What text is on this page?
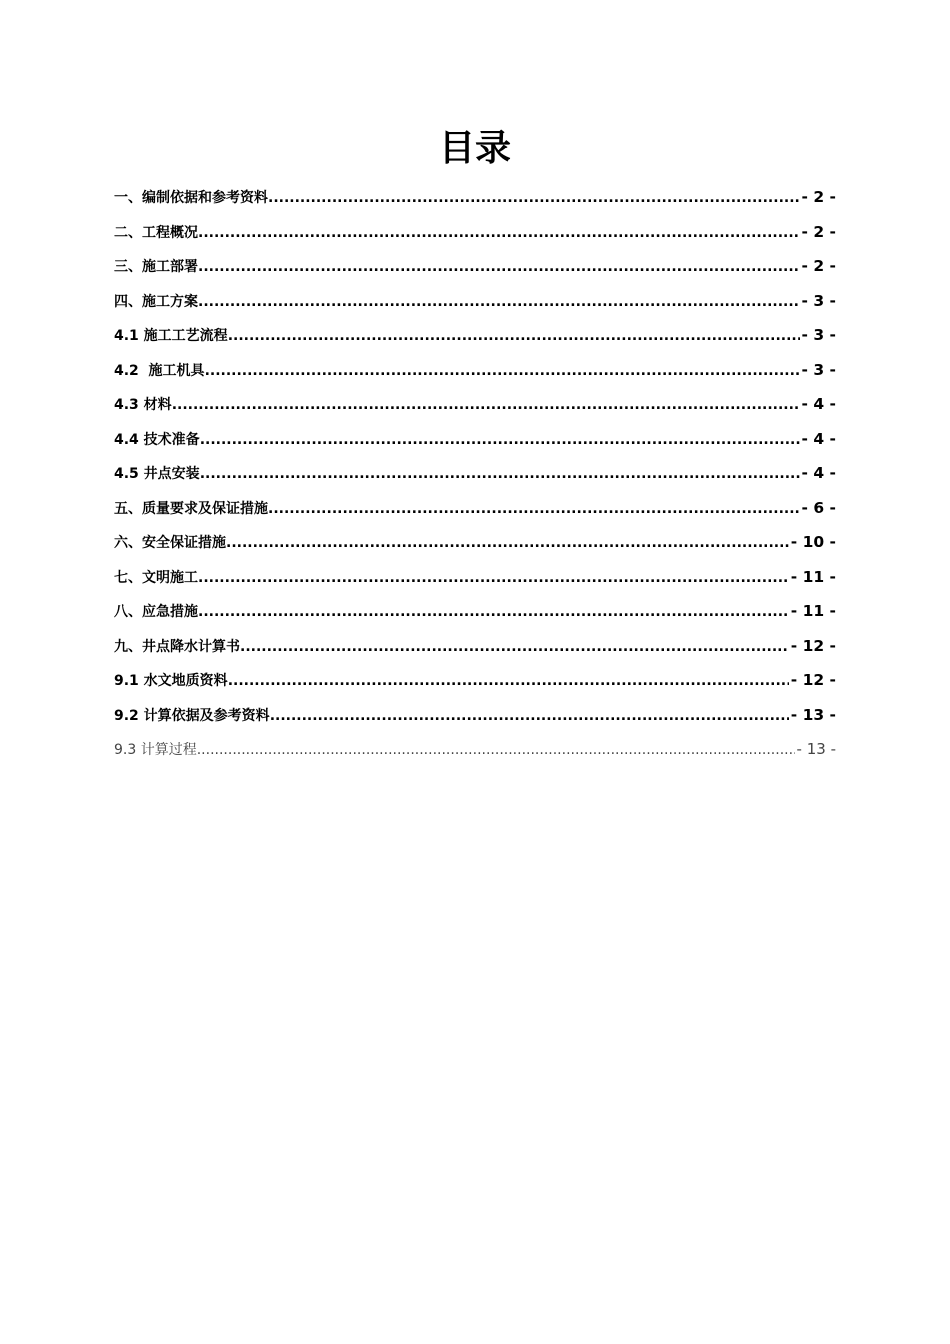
目录
一、编制依据和参考资料 .....	- 2 -
二、工程概况 .....	- 2 -
三、施工部署 .....	- 2 -
四、施工方案 .....	- 3 -
4.1 施工工艺流程 .....	- 3 -
4.2  施工机具 .....	- 3 -
4.3 材料 .....	- 4 -
4.4 技术准备 .....	- 4 -
4.5 井点安装 .....	- 4 -
五、质量要求及保证措施 .....	- 6 -
六、安全保证措施 .....	- 10 -
七、文明施工 .....	- 11 -
八、应急措施 .....	- 11 -
九、井点降水计算书 .....	- 12 -
9.1 水文地质资料 .....	- 12 -
9.2 计算依据及参考资料 .....	- 13 -
9.3 计算过程 .....	- 13 -
